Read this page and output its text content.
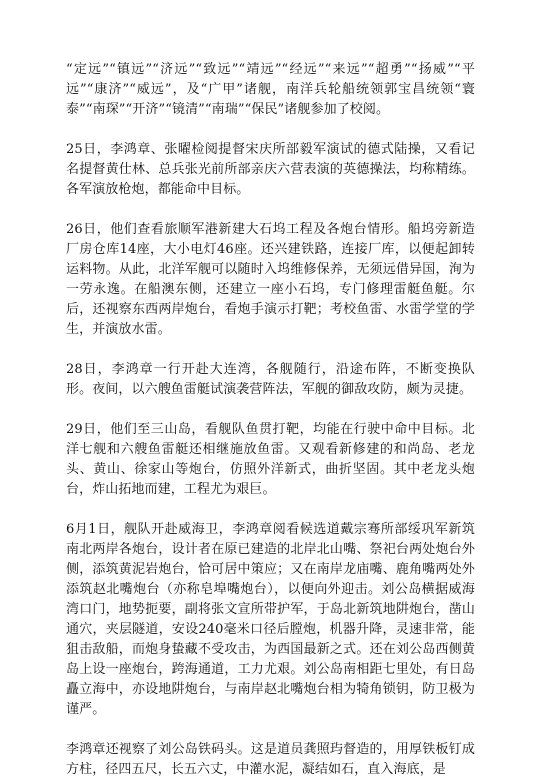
“定远”“镇远”“济远”“致远”“靖远”“经远”“来远”“超勇”“扬威”“平远”“康济”“威远”，及“广甲”诸舰，南洋兵轮船统领郭宝昌统领“寰泰”“南琛”“开济”“镜清”“南瑞”“保民”诸舰参加了校阅。

25日，李鸿章、张曜检阅提督宋庆所部毅军演试的德式陆操，又看记名提督黄仕林、总兵张光前所部亲庆六营表演的英德操法，均称精练。各军演放枪炮，都能命中目标。

26日，他们查看旅顺军港新建大石坞工程及各炮台情形。船坞旁新造厂房仓库14座，大小电灯46座。还兴建铁路，连接厂库，以便起卸转运料物。从此，北洋军舰可以随时入坞维修保养，无须远借异国，洵为一劳永逸。在船澳东侧，还建立一座小石坞，专门修理雷艇鱼艇。尔后，还视察东西两岸炮台，看炮手演示打靶；考校鱼雷、水雷学堂的学生，并演放水雷。

28日，李鸿章一行开赴大连湾，各舰随行，沿途布阵，不断变换队形。夜间，以六艘鱼雷艇试演袭营阵法，军舰的御敌攻防，颇为灵捷。

29日，他们至三山岛，看舰队鱼贯打靶，均能在行驶中命中目标。北洋七舰和六艘鱼雷艇还相继施放鱼雷。又观看新修建的和尚岛、老龙头、黄山、徐家山等炮台，仿照外洋新式，曲折坚固。其中老龙头炮台，炸山拓地而建，工程尤为艰巨。

6月1日，舰队开赴威海卫，李鸿章阅看候选道戴宗骞所部绥巩军新筑南北两岸各炮台，设计者在原已建造的北岸北山嘴、祭祀台两处炮台外侧，添筑黄泥岩炮台，恰可居中策应；又在南岸龙庙嘴、鹿角嘴两处外添筑赵北嘴炮台（亦称皂埠嘴炮台），以便向外迎击。刘公岛横据威海湾口门，地势扼要，副将张文宣所带护军，于岛北新筑地阱炮台，凿山通穴，夹层隧道，安设240毫米口径后膛炮，机器升降，灵速非常，能狙击敌船，而炮身蛰藏不受攻击，为西国最新之式。还在刘公岛西侧黄岛上设一座炮台，跨海通道，工力尤艰。刘公岛南相距七里处，有日岛矗立海中，亦设地阱炮台，与南岸赵北嘴炮台相为犄角锁钥，防卫极为谨严。

李鸿章还视察了刘公岛铁码头。这是道员龚照玙督造的，用厚铁板钉成方柱，径四五尺，长五六丈，中灌水泥，凝结如石，直入海底，是
